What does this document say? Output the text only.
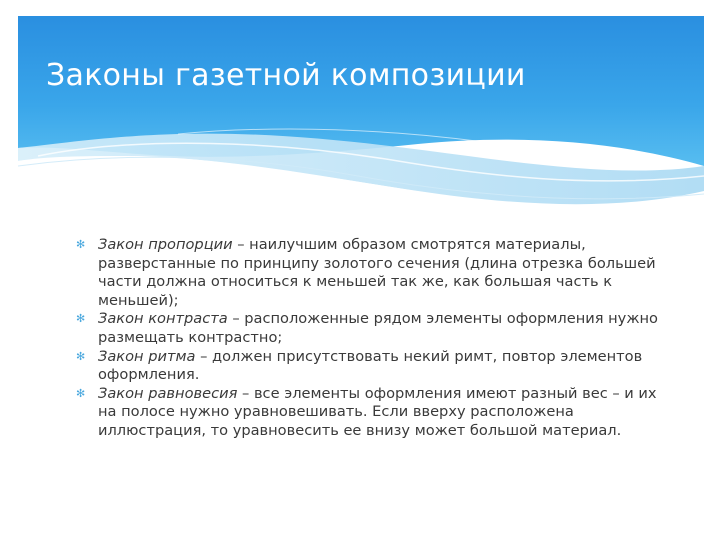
Законы газетной композиции
✻ Закон пропорции – наилучшим образом смотрятся материалы, разверстанные по принципу золотого сечения (длина отрезка большей части должна относиться к меньшей так же, как большая часть к меньшей);
✻ Закон контраста – расположенные рядом элементы оформления нужно размещать контрастно;
✻ Закон ритма – должен присутствовать некий римт, повтор элементов оформления.
✻ Закон равновесия – все элементы оформления имеют разный вес – и их на полосе нужно уравновешивать. Если вверху расположена иллюстрация, то уравновесить ее внизу может большой материал.
